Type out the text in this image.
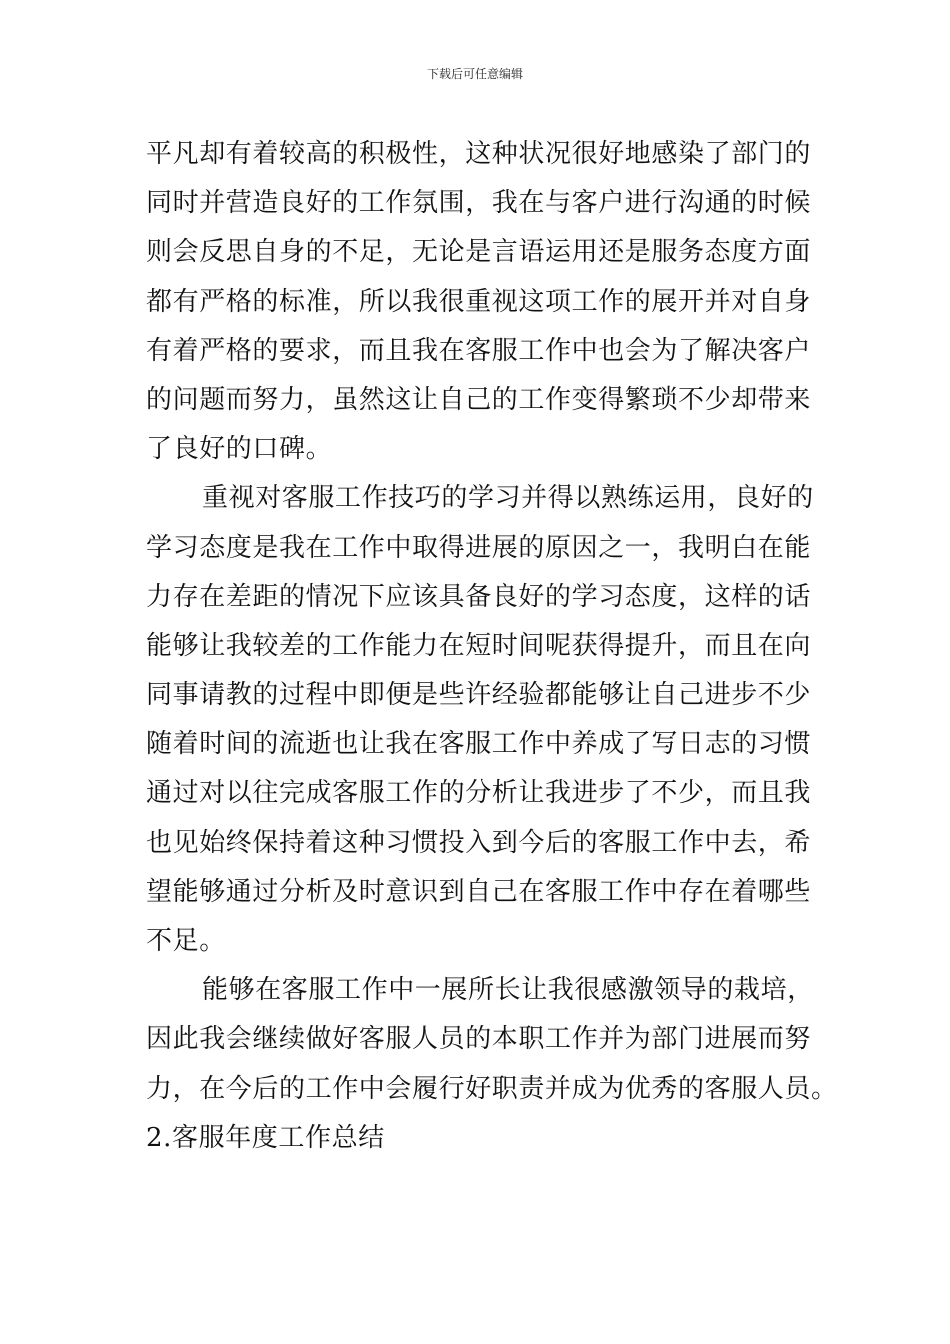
下载后可任意编辑
平凡却有着较高的积极性，这种状况很好地感染了部门的
同时并营造良好的工作氛围，我在与客户进行沟通的时候
则会反思自身的不足，无论是言语运用还是服务态度方面
都有严格的标准，所以我很重视这项工作的展开并对自身
有着严格的要求，而且我在客服工作中也会为了解决客户
的问题而努力，虽然这让自己的工作变得繁琐不少却带来
了良好的口碑。
重视对客服工作技巧的学习并得以熟练运用，良好的
学习态度是我在工作中取得进展的原因之一，我明白在能
力存在差距的情况下应该具备良好的学习态度，这样的话
能够让我较差的工作能力在短时间呢获得提升，而且在向
同事请教的过程中即便是些许经验都能够让自己进步不少
随着时间的流逝也让我在客服工作中养成了写日志的习惯
通过对以往完成客服工作的分析让我进步了不少，而且我
也见始终保持着这种习惯投入到今后的客服工作中去，希
望能够通过分析及时意识到自己在客服工作中存在着哪些
不足。
能够在客服工作中一展所长让我很感激领导的栽培，
因此我会继续做好客服人员的本职工作并为部门进展而努
力，在今后的工作中会履行好职责并成为优秀的客服人员。
2.客服年度工作总结
